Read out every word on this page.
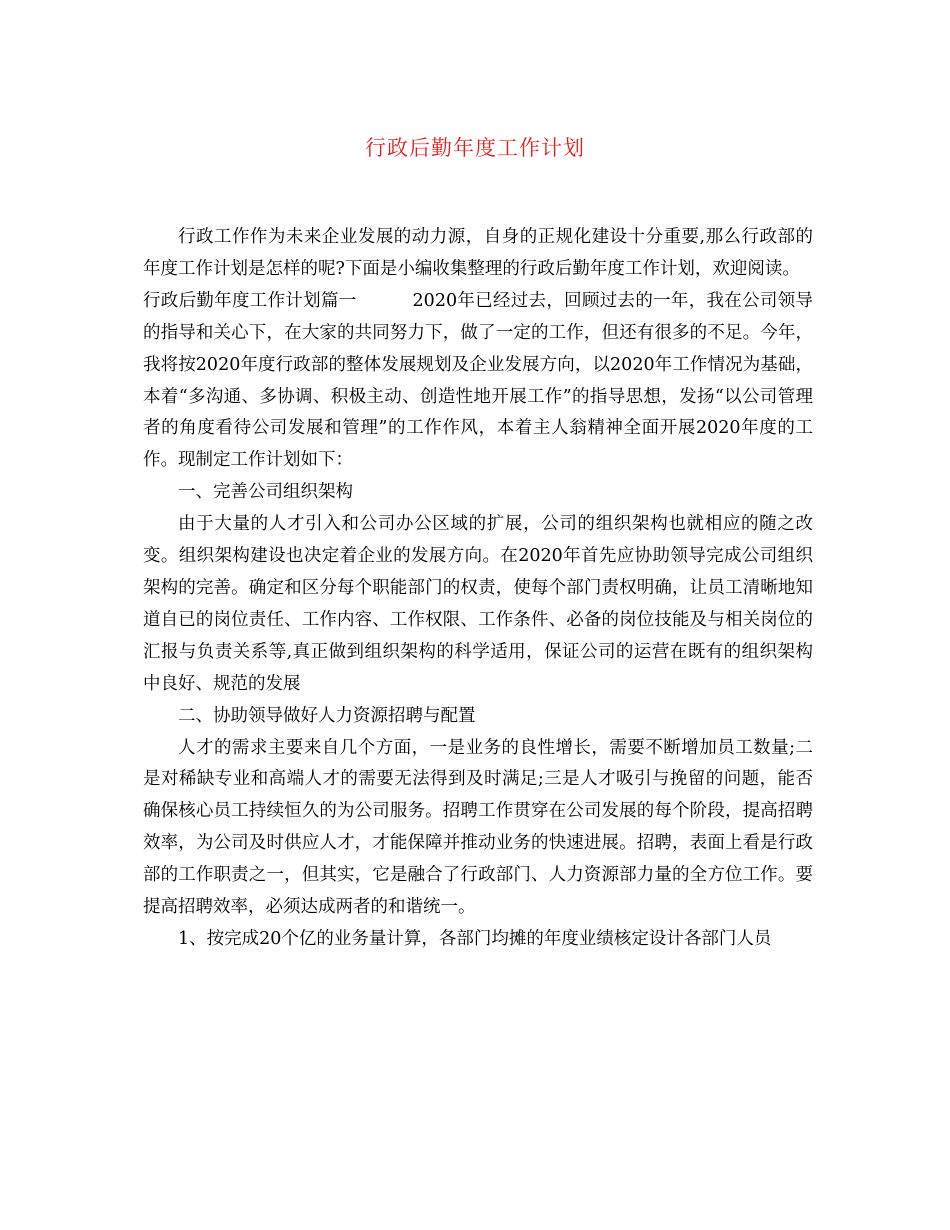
行政后勤年度工作计划

行政工作作为未来企业发展的动力源，自身的正规化建设十分重要,那么行政部的年度工作计划是怎样的呢?下面是小编收集整理的行政后勤年度工作计划，欢迎阅读。

行政后勤年度工作计划篇一	2020年已经过去，回顾过去的一年，我在公司领导的指导和关心下，在大家的共同努力下，做了一定的工作，但还有很多的不足。今年，我将按2020年度行政部的整体发展规划及企业发展方向，以2020年工作情况为基础，本着“多沟通、多协调、积极主动、创造性地开展工作”的指导思想，发扬“以公司管理者的角度看待公司发展和管理”的工作作风，本着主人翁精神全面开展2020年度的工作。现制定工作计划如下：

一、完善公司组织架构

由于大量的人才引入和公司办公区域的扩展，公司的组织架构也就相应的随之改变。组织架构建设也决定着企业的发展方向。在2020年首先应协助领导完成公司组织架构的完善。确定和区分每个职能部门的权责，使每个部门责权明确，让员工清晰地知道自已的岗位责任、工作内容、工作权限、工作条件、必备的岗位技能及与相关岗位的汇报与负责关系等,真正做到组织架构的科学适用，保证公司的运营在既有的组织架构中良好、规范的发展

二、协助领导做好人力资源招聘与配置

人才的需求主要来自几个方面，一是业务的良性增长，需要不断增加员工数量;二是对稀缺专业和高端人才的需要无法得到及时满足;三是人才吸引与挽留的问题，能否确保核心员工持续恒久的为公司服务。招聘工作贯穿在公司发展的每个阶段，提高招聘效率，为公司及时供应人才，才能保障并推动业务的快速进展。招聘，表面上看是行政部的工作职责之一，但其实，它是融合了行政部门、人力资源部力量的全方位工作。要提高招聘效率，必须达成两者的和谐统一。

1、按完成20个亿的业务量计算，各部门均摊的年度业绩核定设计各部门人员
